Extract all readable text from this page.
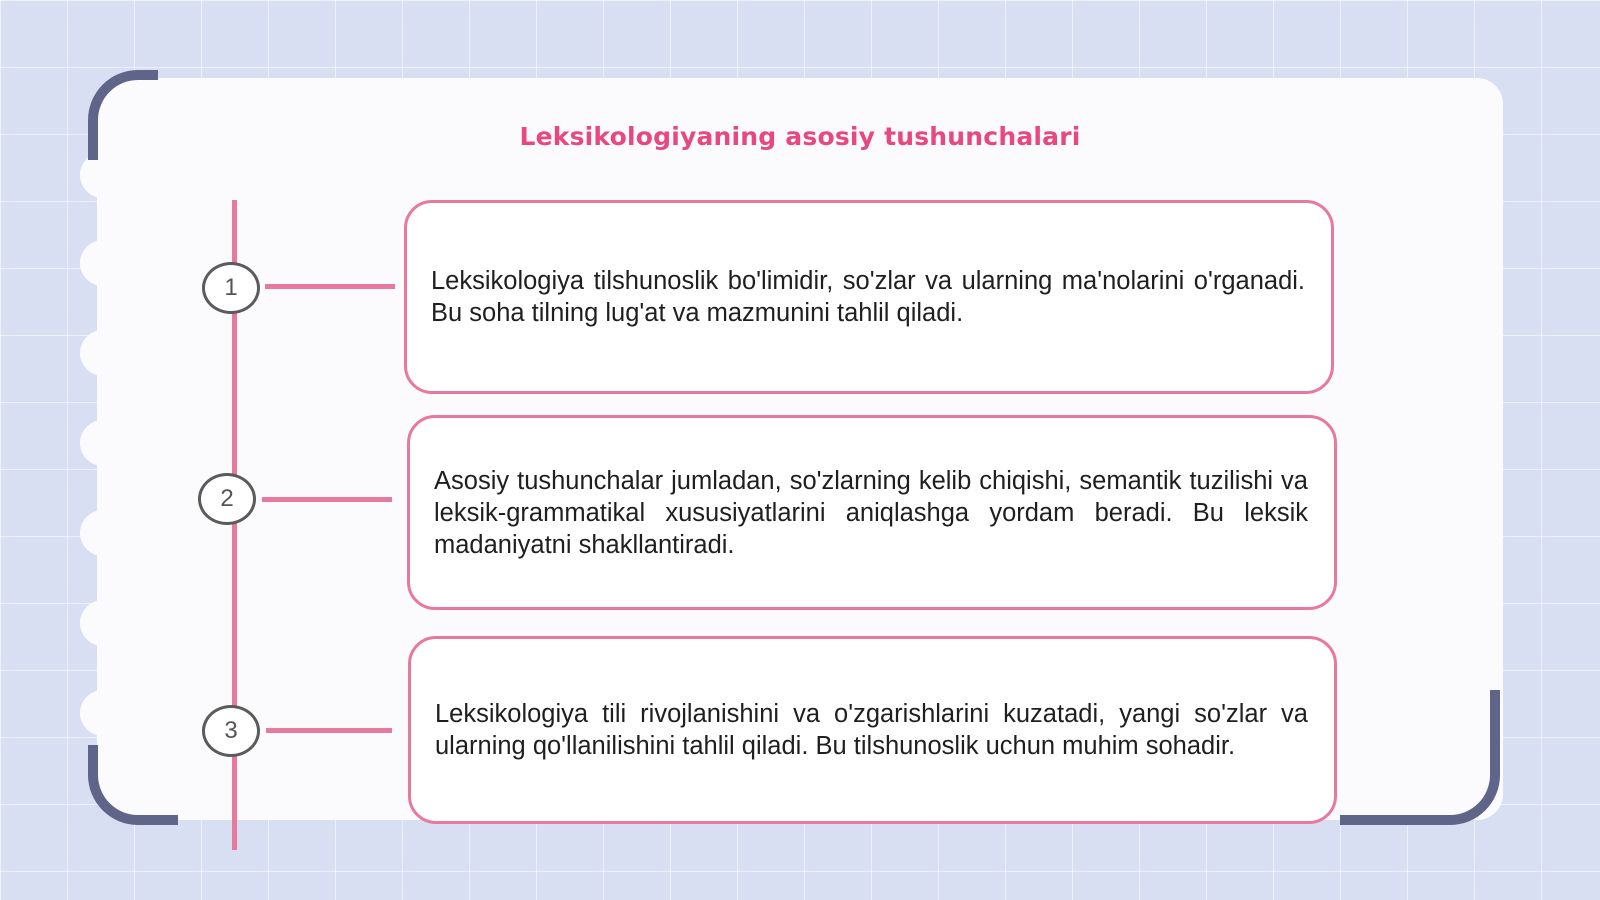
Leksikologiyaning asosiy tushunchalari
1	Leksikologiya tilshunoslik bo'limidir, so'zlar va ularning ma'nolarini o'rganadi. Bu soha tilning lug'at va mazmunini tahlil qiladi.

2

Asosiy tushunchalar jumladan, so'zlarning kelib chiqishi, semantik tuzilishi va leksik-grammatikal xususiyatlarini aniqlashga yordam beradi. Bu leksik madaniyatni shakllantiradi.

3

Leksikologiya tili rivojlanishini va o'zgarishlarini kuzatadi, yangi so'zlar va ularning qo'llanilishini tahlil qiladi. Bu tilshunoslik uchun muhim sohadir.
